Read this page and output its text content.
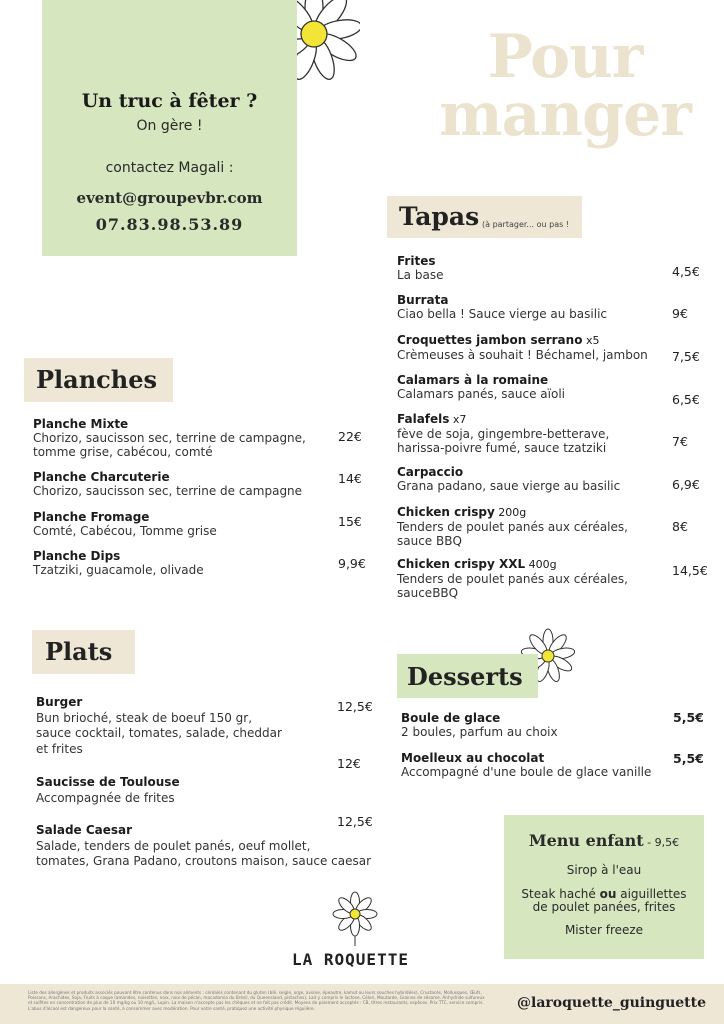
Un truc à fêter ?
On gère !
contactez Magali :
event@groupevbr.com
07.83.98.53.89
Pour
manger
Tapas (à partager... ou pas !
Frites
La base	4,5€
Burrata
Ciao bella ! Sauce vierge au basilic	9€
Croquettes jambon serrano x5
Crèmeuses à souhait ! Béchamel, jambon 7,5€
Calamars à la romaine
Calamars panés, sauce aïoli	6,5€
Falafels x7
fève de soja, gingembre-betterave,
harissa-poivre fumé, sauce tzatziki	7€
Carpaccio
Grana padano, saue vierge au basilic	6,9€
Chicken crispy 200g
Tenders de poulet panés aux céréales,
sauce BBQ
8€
Chicken crispy XXL 400g
Tenders de poulet panés aux céréales,
sauceBBQ
14,5€
Planches
Planche Mixte
Chorizo, saucisson sec, terrine de campagne,
tomme grise, cabécou, comté
22€
Planche Charcuterie
Chorizo, saucisson sec, terrine de campagne
14€
Planche Fromage
Comté, Cabécou, Tomme grise
15€
Planche Dips
Tzatziki, guacamole, olivade	9,9€
Plats
Burger
Bun brioché, steak de boeuf 150 gr,
sauce cocktail, tomates, salade, cheddar
et frites
12,5€
Saucisse de Toulouse
Accompagnée de frites
12€
Salade Caesar
Salade, tenders de poulet panés, oeuf mollet,
tomates, Grana Padano, croutons maison, sauce caesar
12,5€
Desserts
Boule de glace
2 boules, parfum au choix
5,5€
Moelleux au chocolat
Accompagné d'une boule de glace vanille
5,5€
Menu enfant - 9,5€
Sirop à l'eau
Steak haché ou aiguillettes
de poulet panées, frites
Mister freeze
LA ROQUETTE
Liste des allergènes et produits associés pouvant être contenus dans nos aliments : céréales contenant du gluten (blé, seigle, orge, avoine, épeautre, kamut ou leurs souches hybridées), Crustacés, Mollusques, Œufs, Poissons, Arachides, Soja, Fruits à coque (amandes, noisettes, noix, noix de pécan, macadamia du Brésil, du Queensland, pistaches), Lait y compris le lactose, Céleri, Moutarde, Graines de sésame. Anhydride sulfureux et sulfites en concentration de plus de 10 mg/kg ou 10 mg/L, Lupin. La maison n'accepte pas les chèques et ne fait pas crédit. Moyens de paiement acceptés : CB, titres restaurants, espèces. Prix TTC, service compris. L'abus d'alcool est dangereux pour la santé, à consommer avec modération. Pour votre santé, pratiquez une activité physique régulière.	@laroquette_guinguette
